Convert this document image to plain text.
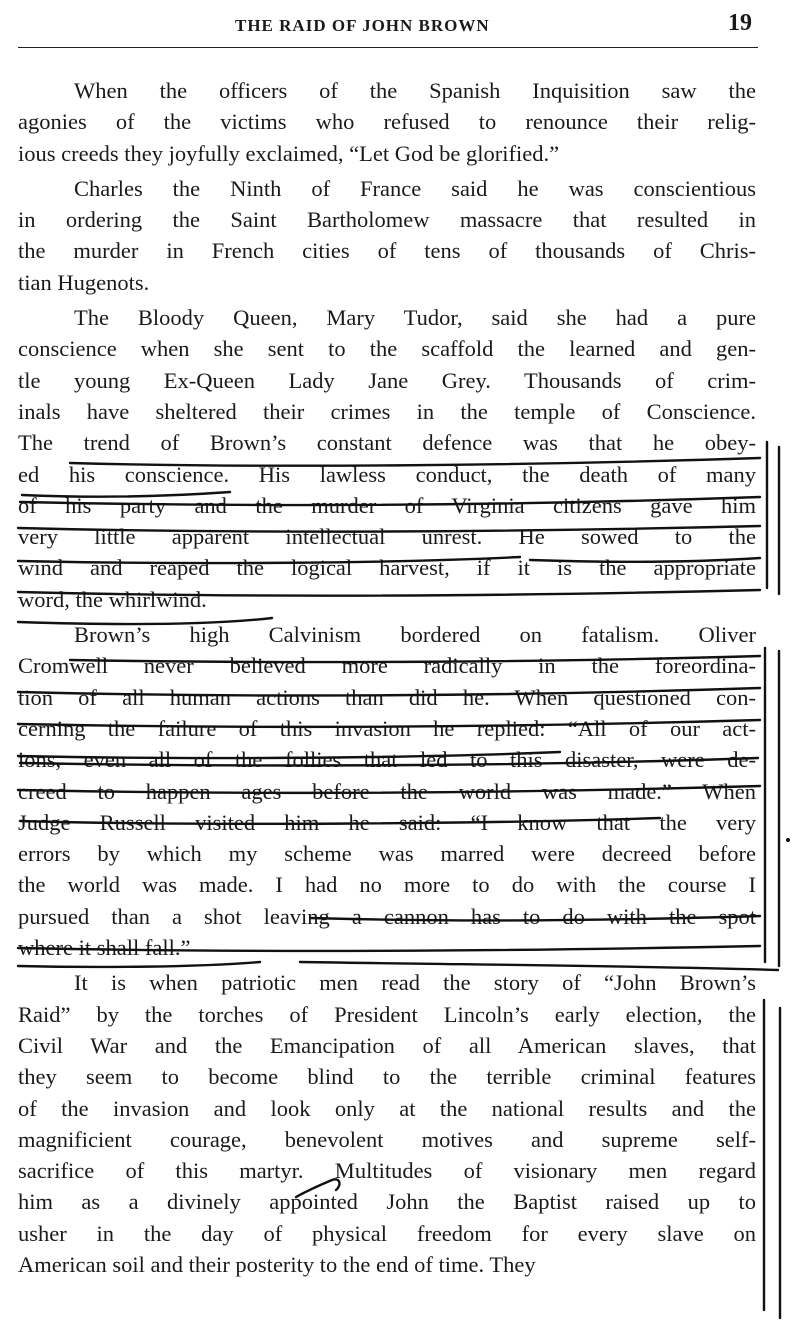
THE RAID OF JOHN BROWN	19
When the officers of the Spanish Inquisition saw the
agonies of the victims who refused to renounce their relig-
ious creeds they joyfully exclaimed, “Let God be glorified.”
Charles the Ninth of France said he was conscientious
in ordering the Saint Bartholomew massacre that resulted in
the murder in French cities of tens of thousands of Chris-
tian Hugenots.
The Bloody Queen, Mary Tudor, said she had a pure
conscience when she sent to the scaffold the learned and gen-
tle young Ex-Queen Lady Jane Grey. Thousands of crim-
inals have sheltered their crimes in the temple of Conscience.
The trend of Brown’s constant defence was that he obey-
ed his conscience. His lawless conduct, the death of many
of his party and the murder of Virginia citizens gave him
very little apparent intellectual unrest. He sowed to the
wind and reaped the logical harvest, if it is the appropriate
word, the whirlwind.
Brown’s high Calvinism bordered on fatalism. Oliver
Cromwell never believed more radically in the foreordina-
tion of all human actions than did he. When questioned con-
cerning the failure of this invasion he replied: “All of our act-
ions, even all of the follies that led to this disaster, were de-
creed to happen ages before the world was made.” When
Judge Russell visited him he said: “I know that the very
errors by which my scheme was marred were decreed before
the world was made. I had no more to do with the course I
pursued than a shot leaving a cannon has to do with the spot
where it shall fall.”
It is when patriotic men read the story of “John Brown’s
Raid” by the torches of President Lincoln’s early election, the
Civil War and the Emancipation of all American slaves, that
they seem to become blind to the terrible criminal features
of the invasion and look only at the national results and the
magnificient courage, benevolent motives and supreme self-
sacrifice of this martyr. Multitudes of visionary men regard
him as a divinely appointed John the Baptist raised up to
usher in the day of physical freedom for every slave on
American soil and their posterity to the end of time. They
